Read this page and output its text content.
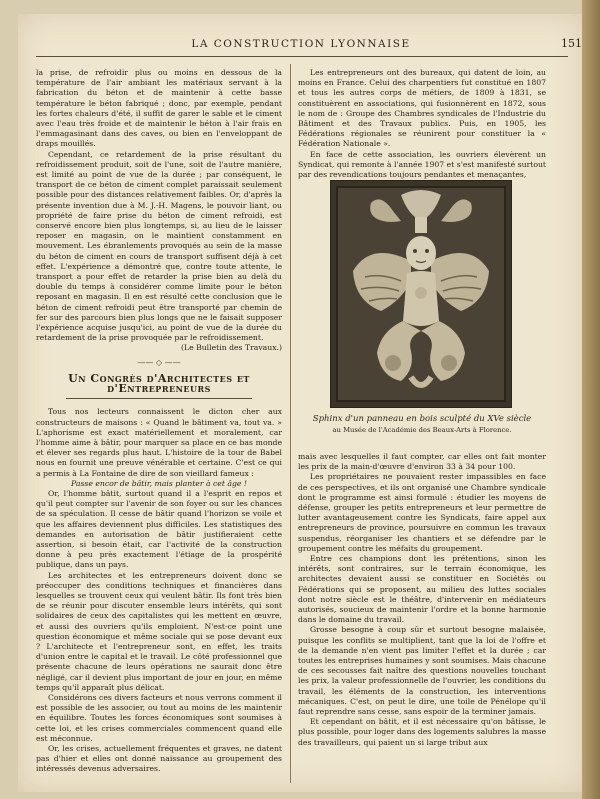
LA CONSTRUCTION LYONNAISE	151

la prise, de refroidir plus ou moins en dessous de la température de l'air ambiant les matériaux servant à la fabrication du béton et de maintenir à cette basse température le béton fabriqué ; donc, par exemple, pendant les fortes chaleurs d'été, il suffit de garer le sable et le ciment avec l'eau très froide et de maintenir le béton à l'air frais en l'emmagasinant dans des caves, ou bien en l'enveloppant de draps mouillés.

Cependant, ce retardement de la prise résultant du refroidissement produit, soit de l'une, soit de l'autre manière, est limité au point de vue de la durée ; par conséquent, le transport de ce béton de ciment complet paraissait seulement possible pour des distances relativement faibles. Or, d'après la présente invention due à M. J.-H. Magens, le pouvoir liant, ou propriété de faire prise du béton de ciment refroidi, est conservé encore bien plus longtemps, si, au lieu de le laisser reposer en magasin, on le maintient constamment en mouvement. Les ébranlements provoqués au sein de la masse du béton de ciment en cours de transport suffisent déjà à cet effet. L'expérience a démontré que, contre toute attente, le transport a pour effet de retarder la prise bien au delà du double du temps à considérer comme limite pour le béton reposant en magasin. Il en est résulté cette conclusion que le béton de ciment refroidi peut être transporté par chemin de fer sur des parcours bien plus longs que ne le faisait supposer l'expérience acquise jusqu'ici, au point de vue de la durée du retardement de la prise provoquée par le refroidissement.

(Le Bulletin des Travaux.)

—— ◇ ——
Un Congrès d'Architectes et d'Entrepreneurs

Tous nos lecteurs connaissent le dicton cher aux constructeurs de maisons : « Quand le bâtiment va, tout va. » L'aphorisme est exact matériellement et moralement, car l'homme aime à bâtir, pour marquer sa place en ce bas monde et élever ses regards plus haut. L'histoire de la tour de Babel nous en fournit une preuve vénérable et certaine. C'est ce qui a permis à La Fontaine de dire de son vieillard fameux :

Passe encor de bâtir, mais planter à cet âge !

Or, l'homme bâtit, surtout quand il a l'esprit en repos et qu'il peut compter sur l'avenir de son foyer ou sur les chances de sa spéculation. Il cesse de bâtir quand l'horizon se voile et que les affaires deviennent plus difficiles. Les statistiques des demandes en autorisation de bâtir justifieraient cette assertion, si besoin était, car l'activité de la construction donne à peu près exactement l'étiage de la prospérité publique, dans un pays.

Les architectes et les entrepreneurs doivent donc se préoccuper des conditions techniques et financières dans lesquelles se trouvent ceux qui veulent bâtir. Ils font très bien de se réunir pour discuter ensemble leurs intérêts, qui sont solidaires de ceux des capitalistes qui les mettent en œuvre, et aussi des ouvriers qu'ils emploient. N'est-ce point une question économique et même sociale qui se pose devant eux ? L'architecte et l'entrepreneur sont, en effet, les traits d'union entre le capital et le travail. Le côté professionnel que présente chacune de leurs opérations ne saurait donc être négligé, car il devient plus important de jour en jour, en même temps qu'il apparaît plus délicat.

Considérons ces divers facteurs et nous verrons comment il est possible de les associer, ou tout au moins de les maintenir en équilibre. Toutes les forces économiques sont soumises à cette loi, et les crises commerciales commencent quand elle est méconnue.

Or, les crises, actuellement fréquentes et graves, ne datent pas d'hier et elles ont donné naissance au groupement des intéressés devenus adversaires.

Les entrepreneurs ont des bureaux, qui datent de loin, au moins en France. Celui des charpentiers fut constitué en 1807 et tous les autres corps de métiers, de 1809 à 1831, se constituèrent en associations, qui fusionnèrent en 1872, sous le nom de : Groupe des Chambres syndicales de l'Industrie du Bâtiment et des Travaux publics. Puis, en 1905, les Fédérations régionales se réunirent pour constituer la « Fédération Nationale ».

En face de cette association, les ouvriers élevèrent un Syndicat, qui remonte à l'année 1907 et s'est manifesté surtout par des revendications toujours pendantes et menaçantes,

Sphinx d'un panneau en bois sculpté du XVe siècle
au Musée de l'Académie des Beaux-Arts à Florence.

mais avec lesquelles il faut compter, car elles ont fait monter les prix de la main-d'œuvre d'environ 33 à 34 pour 100.

Les propriétaires ne pouvaient rester impassibles en face de ces perspectives, et ils ont organisé une Chambre syndicale dont le programme est ainsi formulé : étudier les moyens de défense, grouper les petits entrepreneurs et leur permettre de lutter avantageusement contre les Syndicats, faire appel aux entrepreneurs de province, poursuivre en commun les travaux suspendus, réorganiser les chantiers et se défendre par le groupement contre les méfaits du groupement.

Entre ces champions dont les prétentions, sinon les intérêts, sont contraires, sur le terrain économique, les architectes devaient aussi se constituer en Sociétés ou Fédérations qui se proposent, au milieu des luttes sociales dont notre siècle est le théâtre, d'intervenir en médiateurs autorisés, soucieux de maintenir l'ordre et la bonne harmonie dans le domaine du travail.

Grosse besogne à coup sûr et surtout besogne malaisée, puisque les conflits se multiplient, tant que la loi de l'offre et de la demande n'en vient pas limiter l'effet et la durée ; car toutes les entreprises humaines y sont soumises. Mais chacune de ces secousses fait naître des questions nouvelles touchant les prix, la valeur professionnelle de l'ouvrier, les conditions du travail, les éléments de la construction, les interventions mécaniques. C'est, on peut le dire, une toile de Pénélope qu'il faut reprendre sans cesse, sans espoir de la terminer jamais.

Et cependant on bâtit, et il est nécessaire qu'on bâtisse, le plus possible, pour loger dans des logements salubres la masse des travailleurs, qui paient un si large tribut aux
